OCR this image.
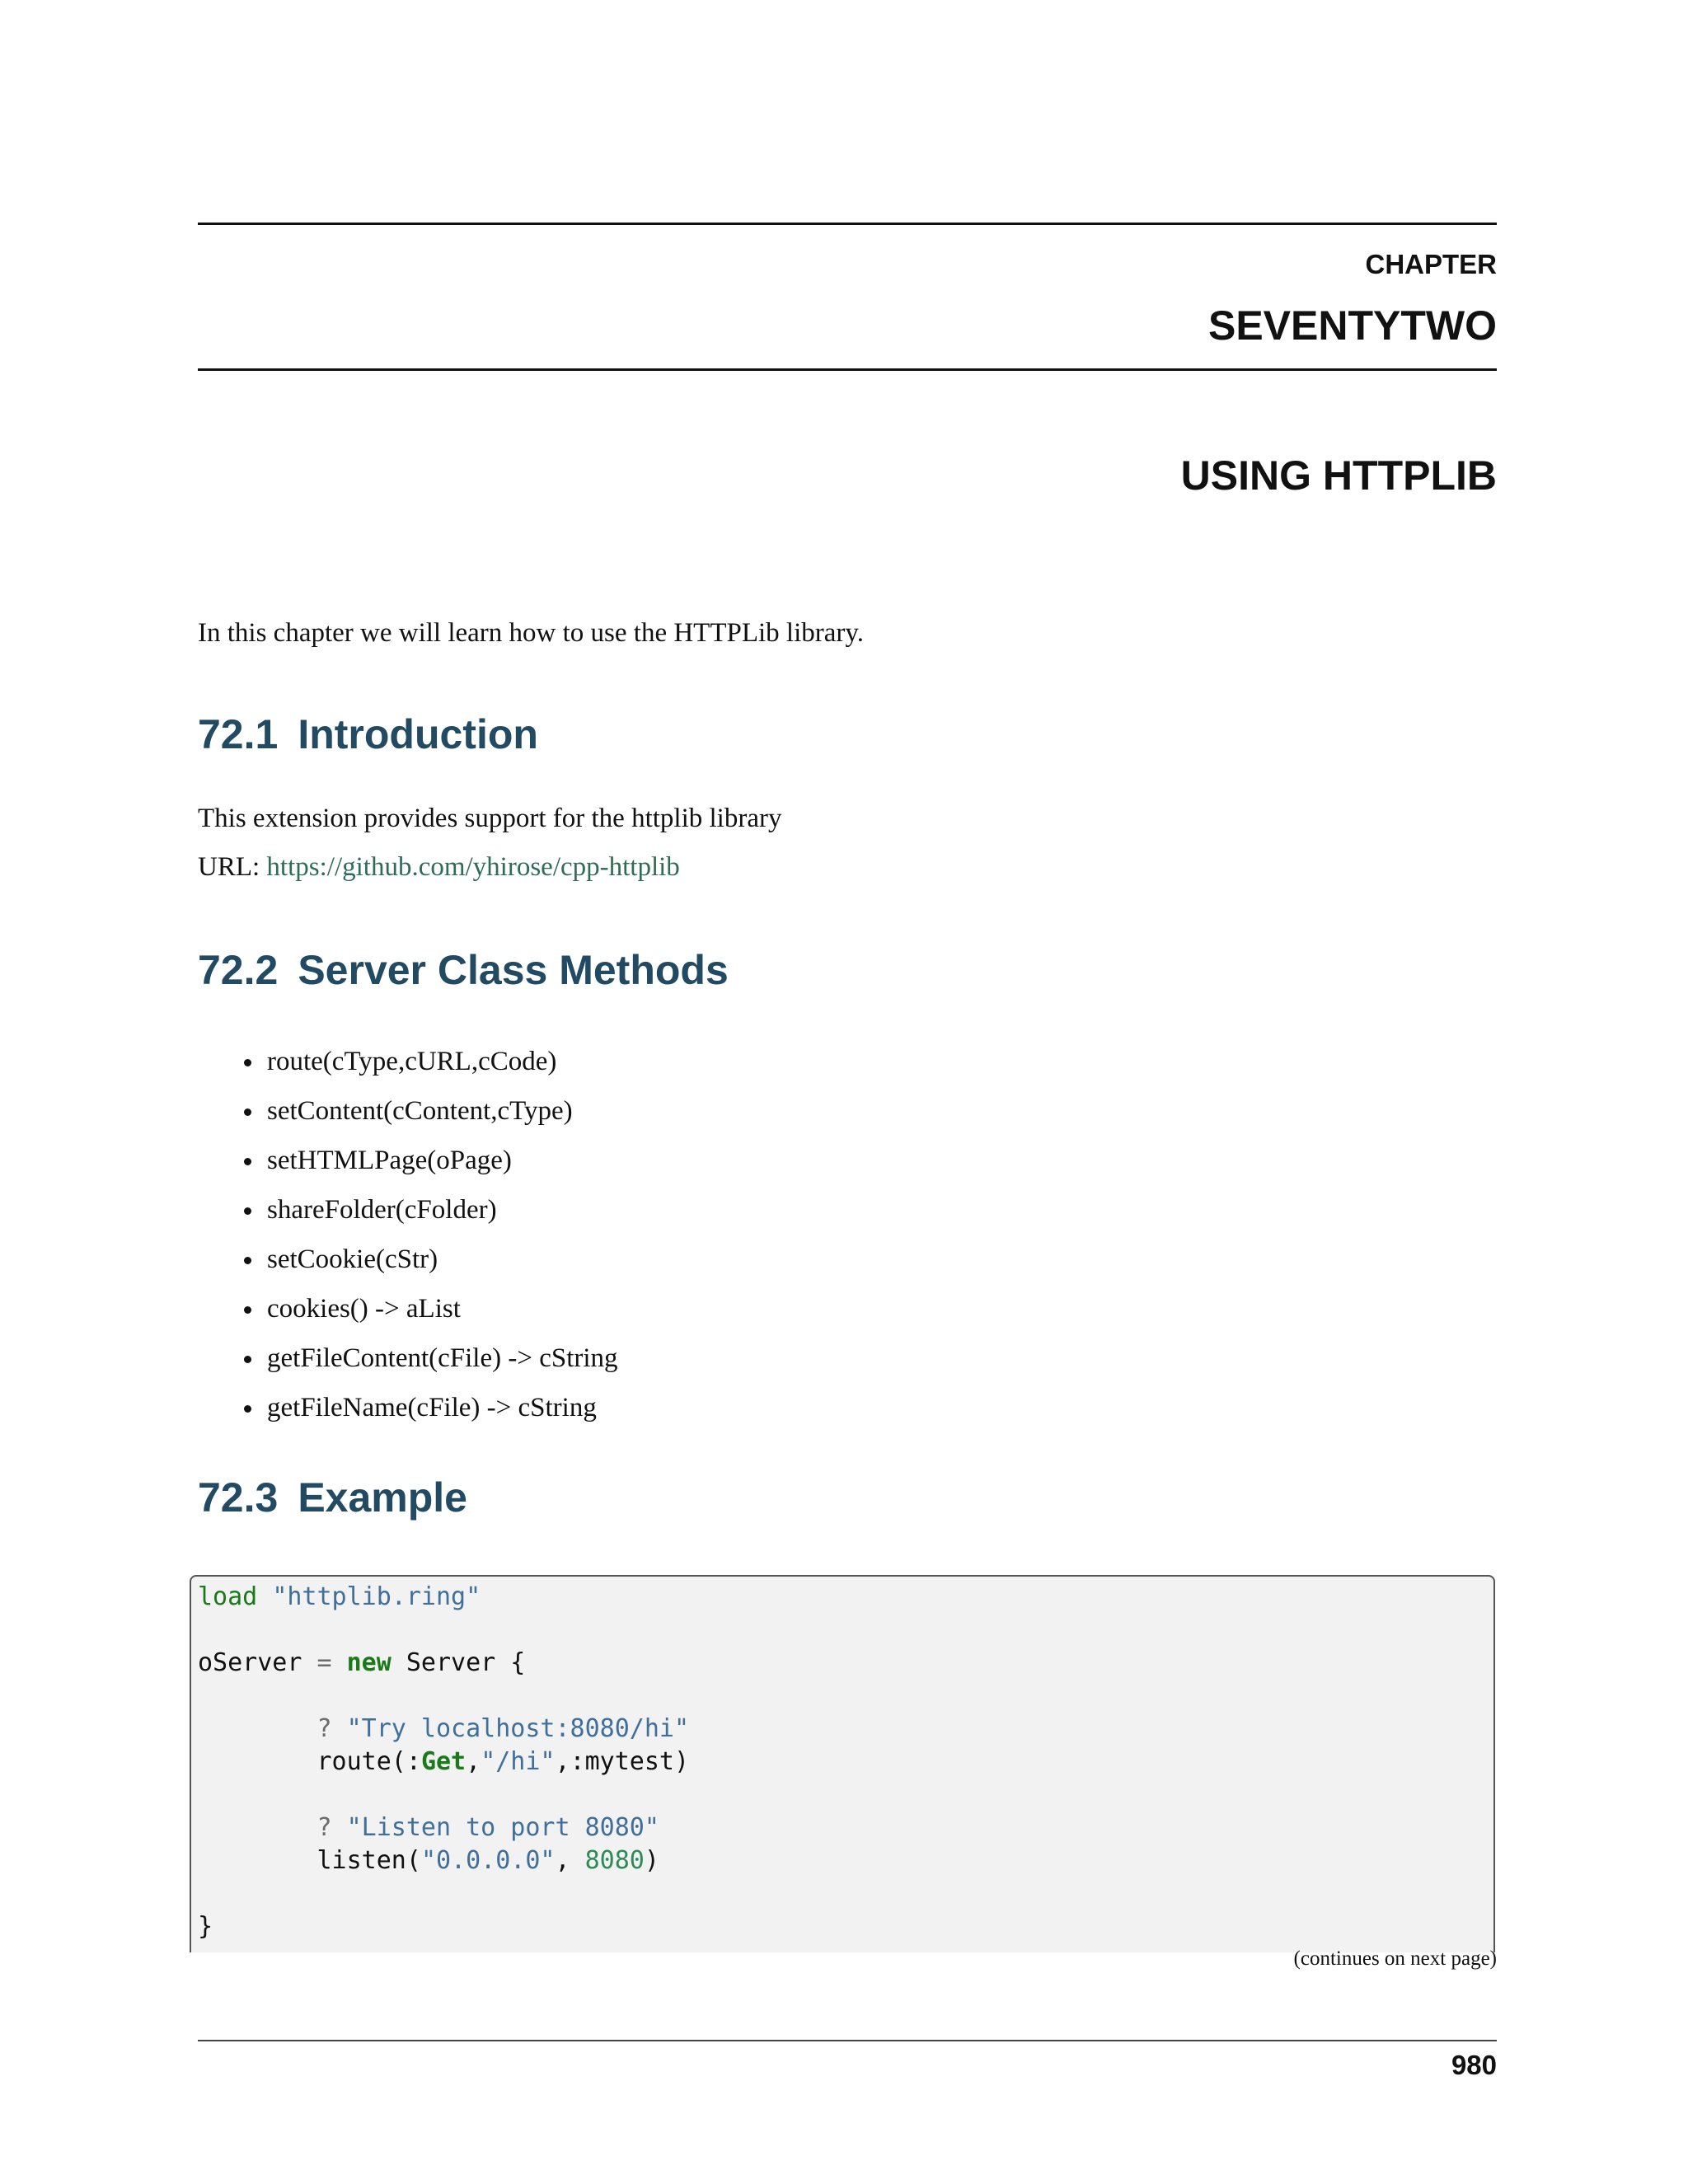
CHAPTER
SEVENTYTWO
USING HTTPLIB
In this chapter we will learn how to use the HTTPLib library.
72.1 Introduction
This extension provides support for the httplib library
URL: https://github.com/yhirose/cpp-httplib
72.2 Server Class Methods
route(cType,cURL,cCode)
setContent(cContent,cType)
setHTMLPage(oPage)
shareFolder(cFolder)
setCookie(cStr)
cookies() -> aList
getFileContent(cFile) -> cString
getFileName(cFile) -> cString
72.3 Example
load "httplib.ring"

oServer = new Server {

? "Try localhost:8080/hi"
route(:Get,"/hi",:mytest)

? "Listen to port 8080"
listen("0.0.0.0", 8080)

}
(continues on next page)
980
